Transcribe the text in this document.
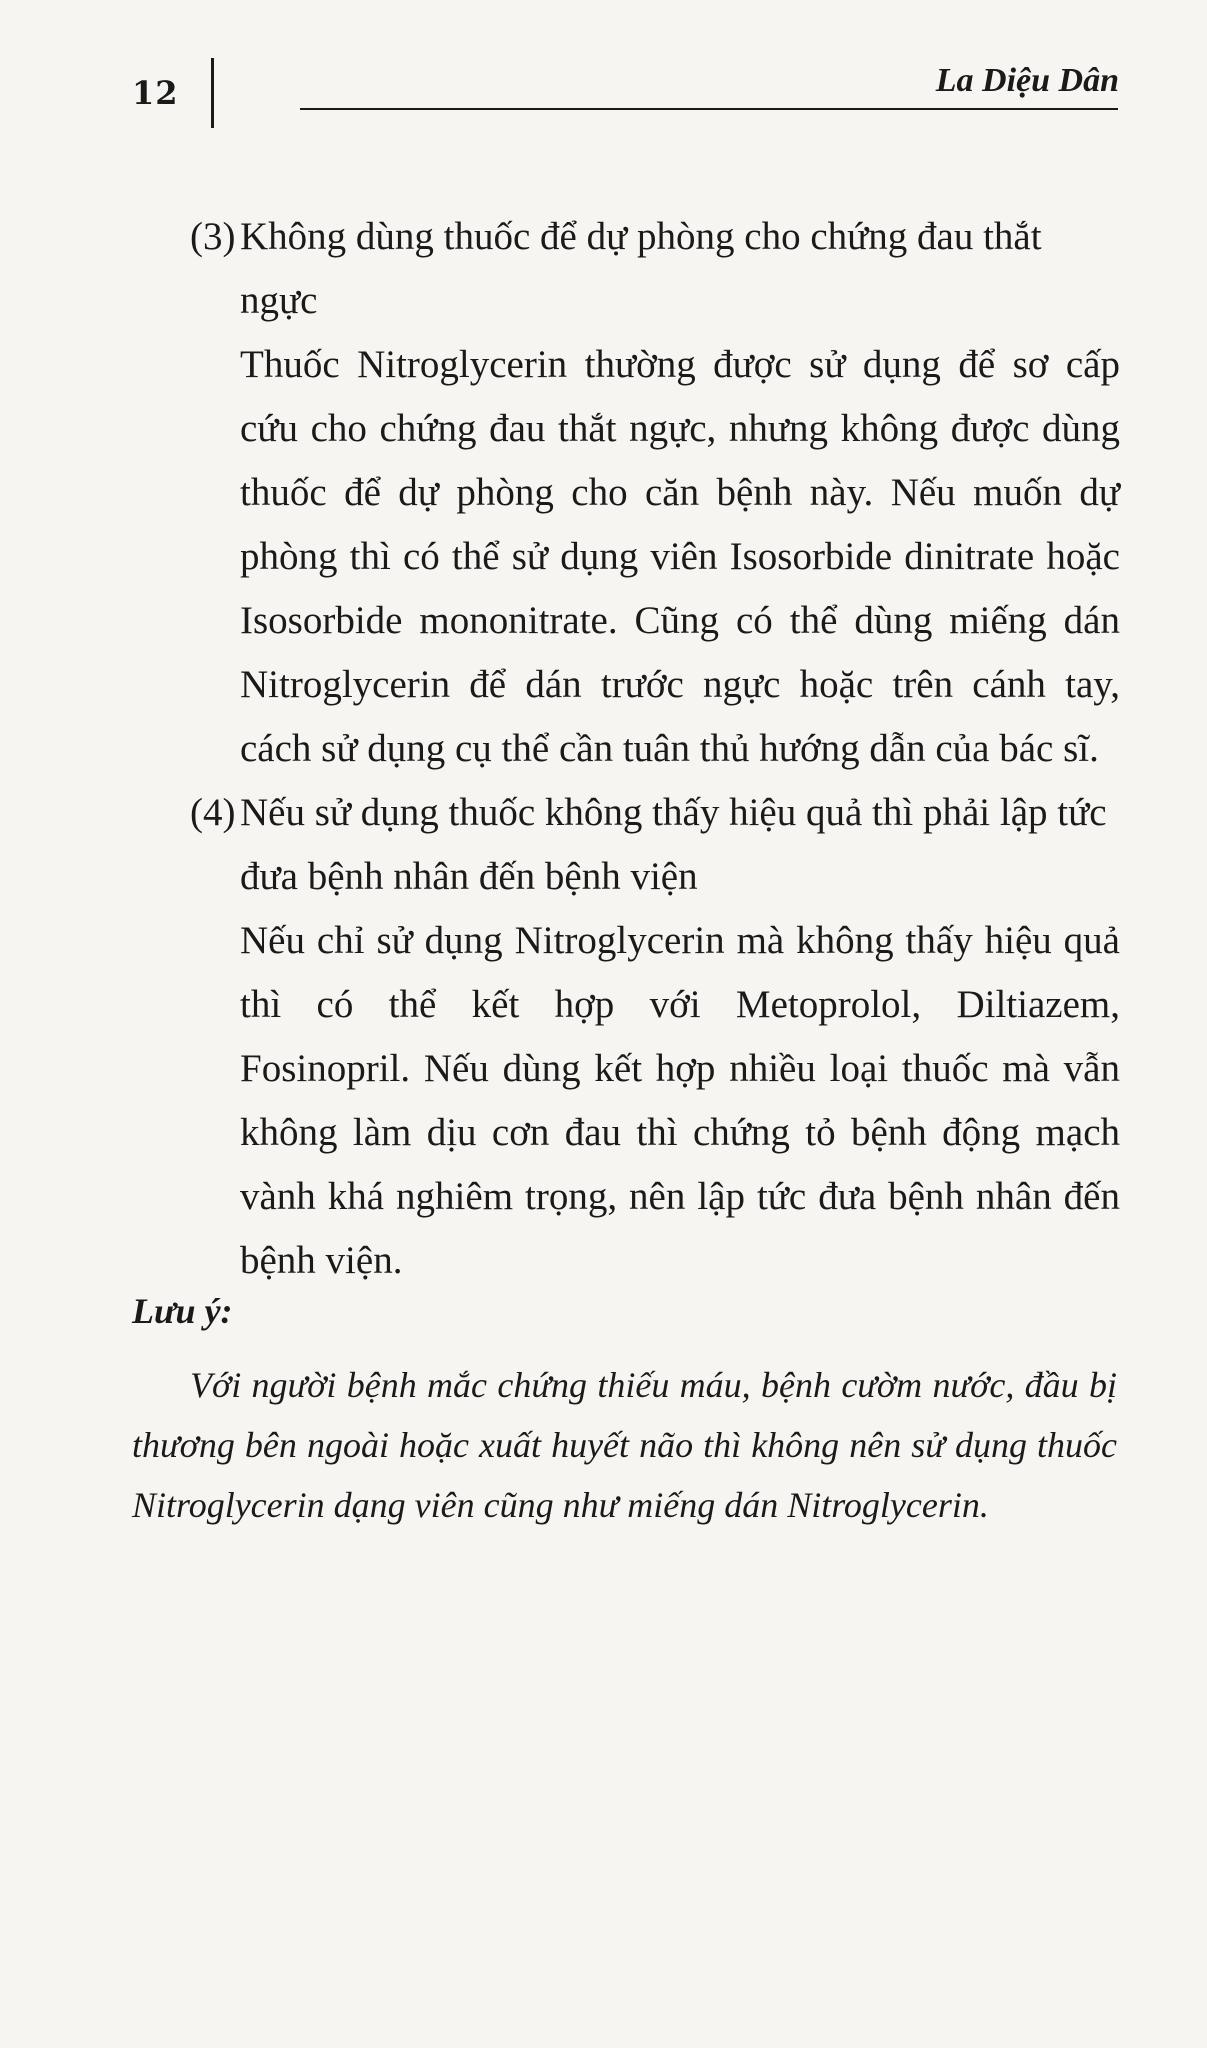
12	La Diệu Dân

(3) Không dùng thuốc để dự phòng cho chứng đau thắt ngực

Thuốc Nitroglycerin thường được sử dụng để sơ cấp cứu cho chứng đau thắt ngực, nhưng không được dùng thuốc để dự phòng cho căn bệnh này. Nếu muốn dự phòng thì có thể sử dụng viên Isosorbide dinitrate hoặc Isosorbide mononitrate. Cũng có thể dùng miếng dán Nitroglycerin để dán trước ngực hoặc trên cánh tay, cách sử dụng cụ thể cần tuân thủ hướng dẫn của bác sĩ.

(4) Nếu sử dụng thuốc không thấy hiệu quả thì phải lập tức đưa bệnh nhân đến bệnh viện

Nếu chỉ sử dụng Nitroglycerin mà không thấy hiệu quả thì có thể kết hợp với Metoprolol, Diltiazem, Fosinopril. Nếu dùng kết hợp nhiều loại thuốc mà vẫn không làm dịu cơn đau thì chứng tỏ bệnh động mạch vành khá nghiêm trọng, nên lập tức đưa bệnh nhân đến bệnh viện.

Lưu ý:

Với người bệnh mắc chứng thiếu máu, bệnh cườm nước, đầu bị thương bên ngoài hoặc xuất huyết não thì không nên sử dụng thuốc Nitroglycerin dạng viên cũng như miếng dán Nitroglycerin.
